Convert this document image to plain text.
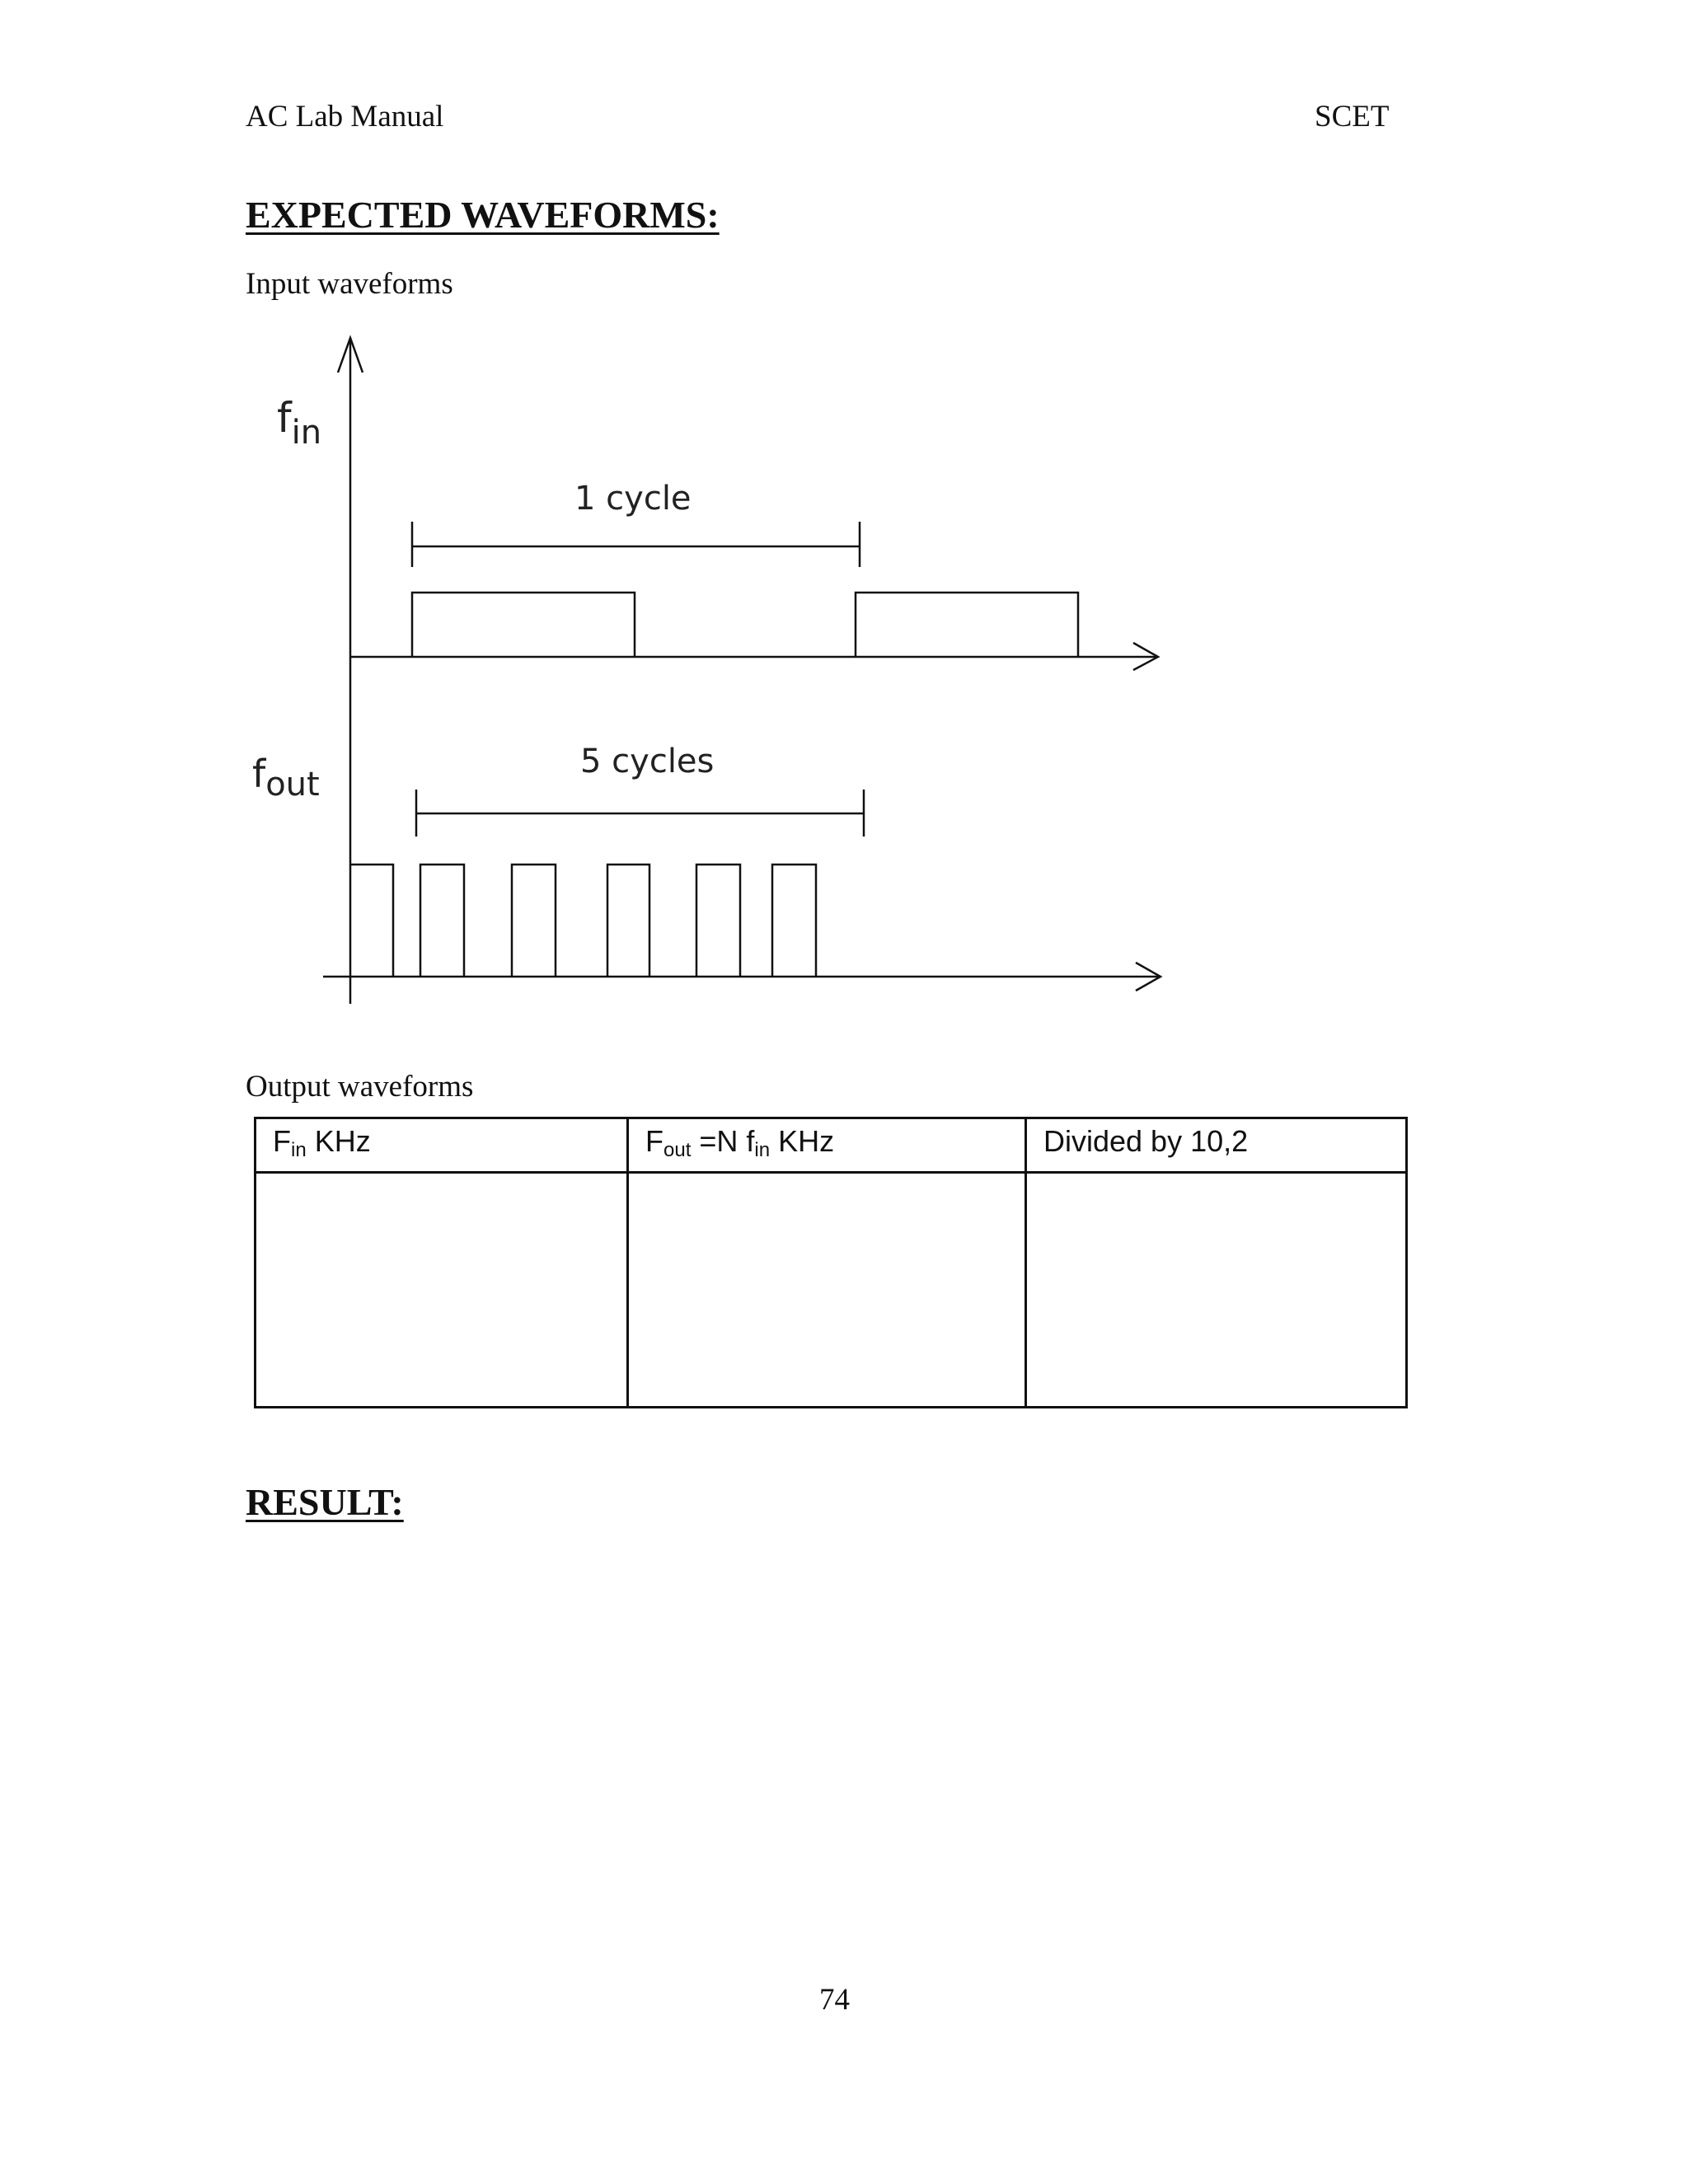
AC Lab Manual	SCET
EXPECTED WAVEFORMS:
Input waveforms
$f_{in}$
fout
1 cycle
5 cycles
Output waveforms
$F_{in}$ KHz	$F_{out} =N$ $f_{in}$ KHz	Divided by 10,2

RESULT:
74
